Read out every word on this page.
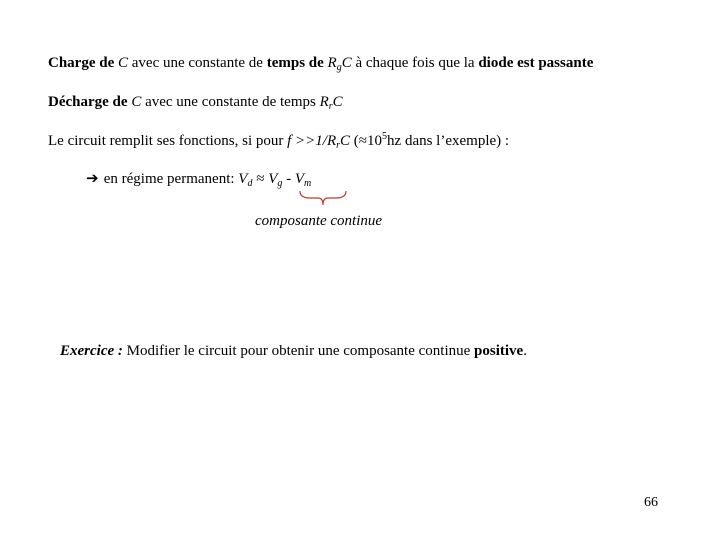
Charge de C avec une constante de temps de $R_gC$ à chaque fois que la diode est passante
Décharge de C avec une constante de temps $R_rC$
Le circuit remplit ses fonctions, si pour $f >>1/R_rC$ ($\approx 10^5hz$ dans l’exemple) :
➔ en régime permanent: $V_d \approx V_g - V_m$
composante continue
Exercice : Modifier le circuit pour obtenir une composante continue positive.
66
